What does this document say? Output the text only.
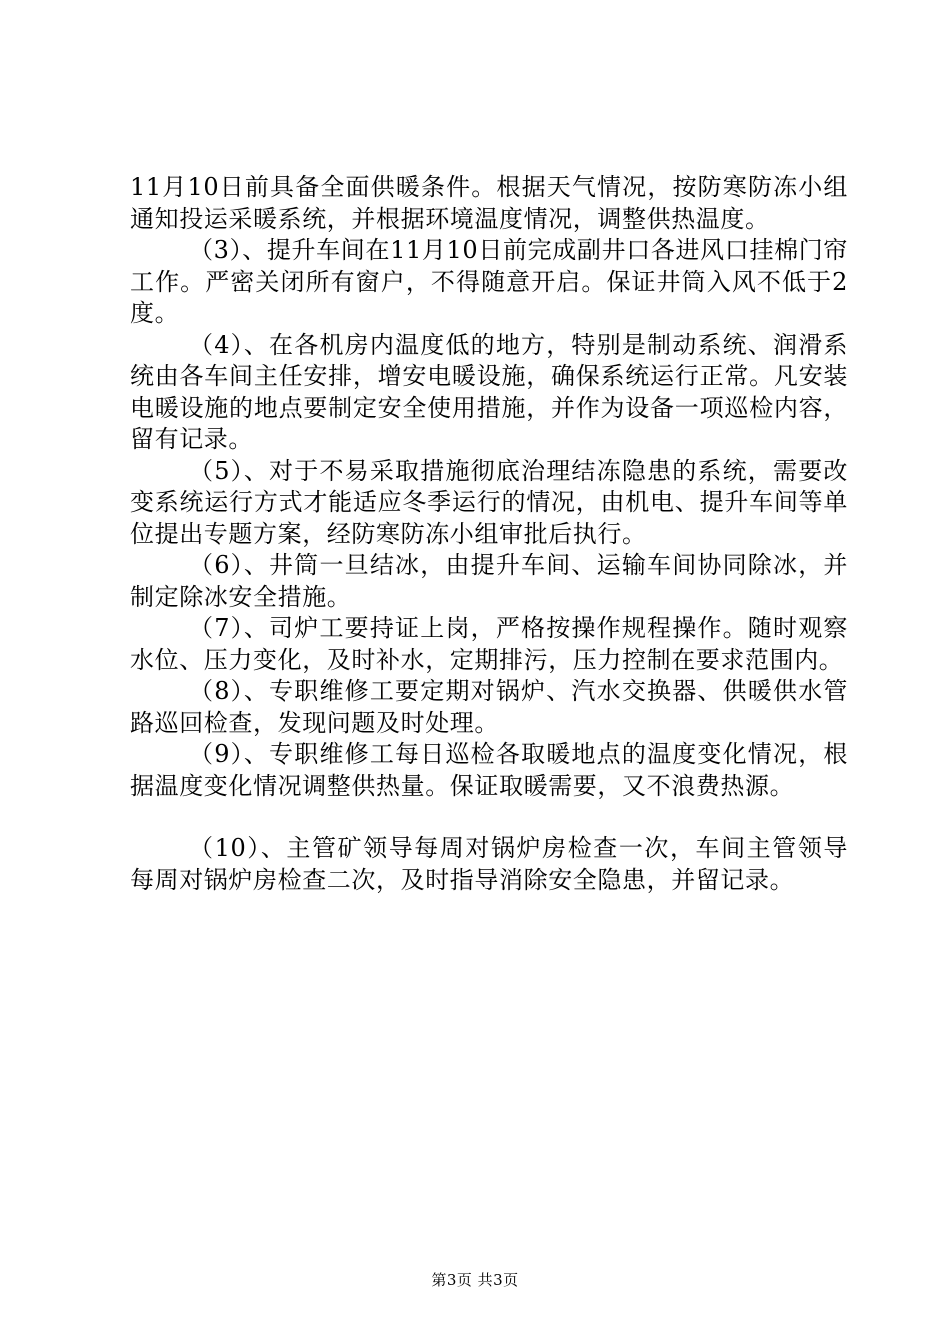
11月10日前具备全面供暖条件。根据天气情况，按防寒防冻小组通知投运采暖系统，并根据环境温度情况，调整供热温度。

（3）、提升车间在11月10日前完成副井口各进风口挂棉门帘工作。严密关闭所有窗户，不得随意开启。保证井筒入风不低于2度。

（4）、在各机房内温度低的地方，特别是制动系统、润滑系统由各车间主任安排，增安电暖设施，确保系统运行正常。凡安装电暖设施的地点要制定安全使用措施，并作为设备一项巡检内容，留有记录。

（5）、对于不易采取措施彻底治理结冻隐患的系统，需要改变系统运行方式才能适应冬季运行的情况，由机电、提升车间等单位提出专题方案，经防寒防冻小组审批后执行。

（6）、井筒一旦结冰，由提升车间、运输车间协同除冰，并制定除冰安全措施。

（7）、司炉工要持证上岗，严格按操作规程操作。随时观察水位、压力变化，及时补水，定期排污，压力控制在要求范围内。

（8）、专职维修工要定期对锅炉、汽水交换器、供暖供水管路巡回检查，发现问题及时处理。

（9）、专职维修工每日巡检各取暖地点的温度变化情况，根据温度变化情况调整供热量。保证取暖需要，又不浪费热源。

（10）、主管矿领导每周对锅炉房检查一次，车间主管领导每周对锅炉房检查二次，及时指导消除安全隐患，并留记录。

第3页 共3页
